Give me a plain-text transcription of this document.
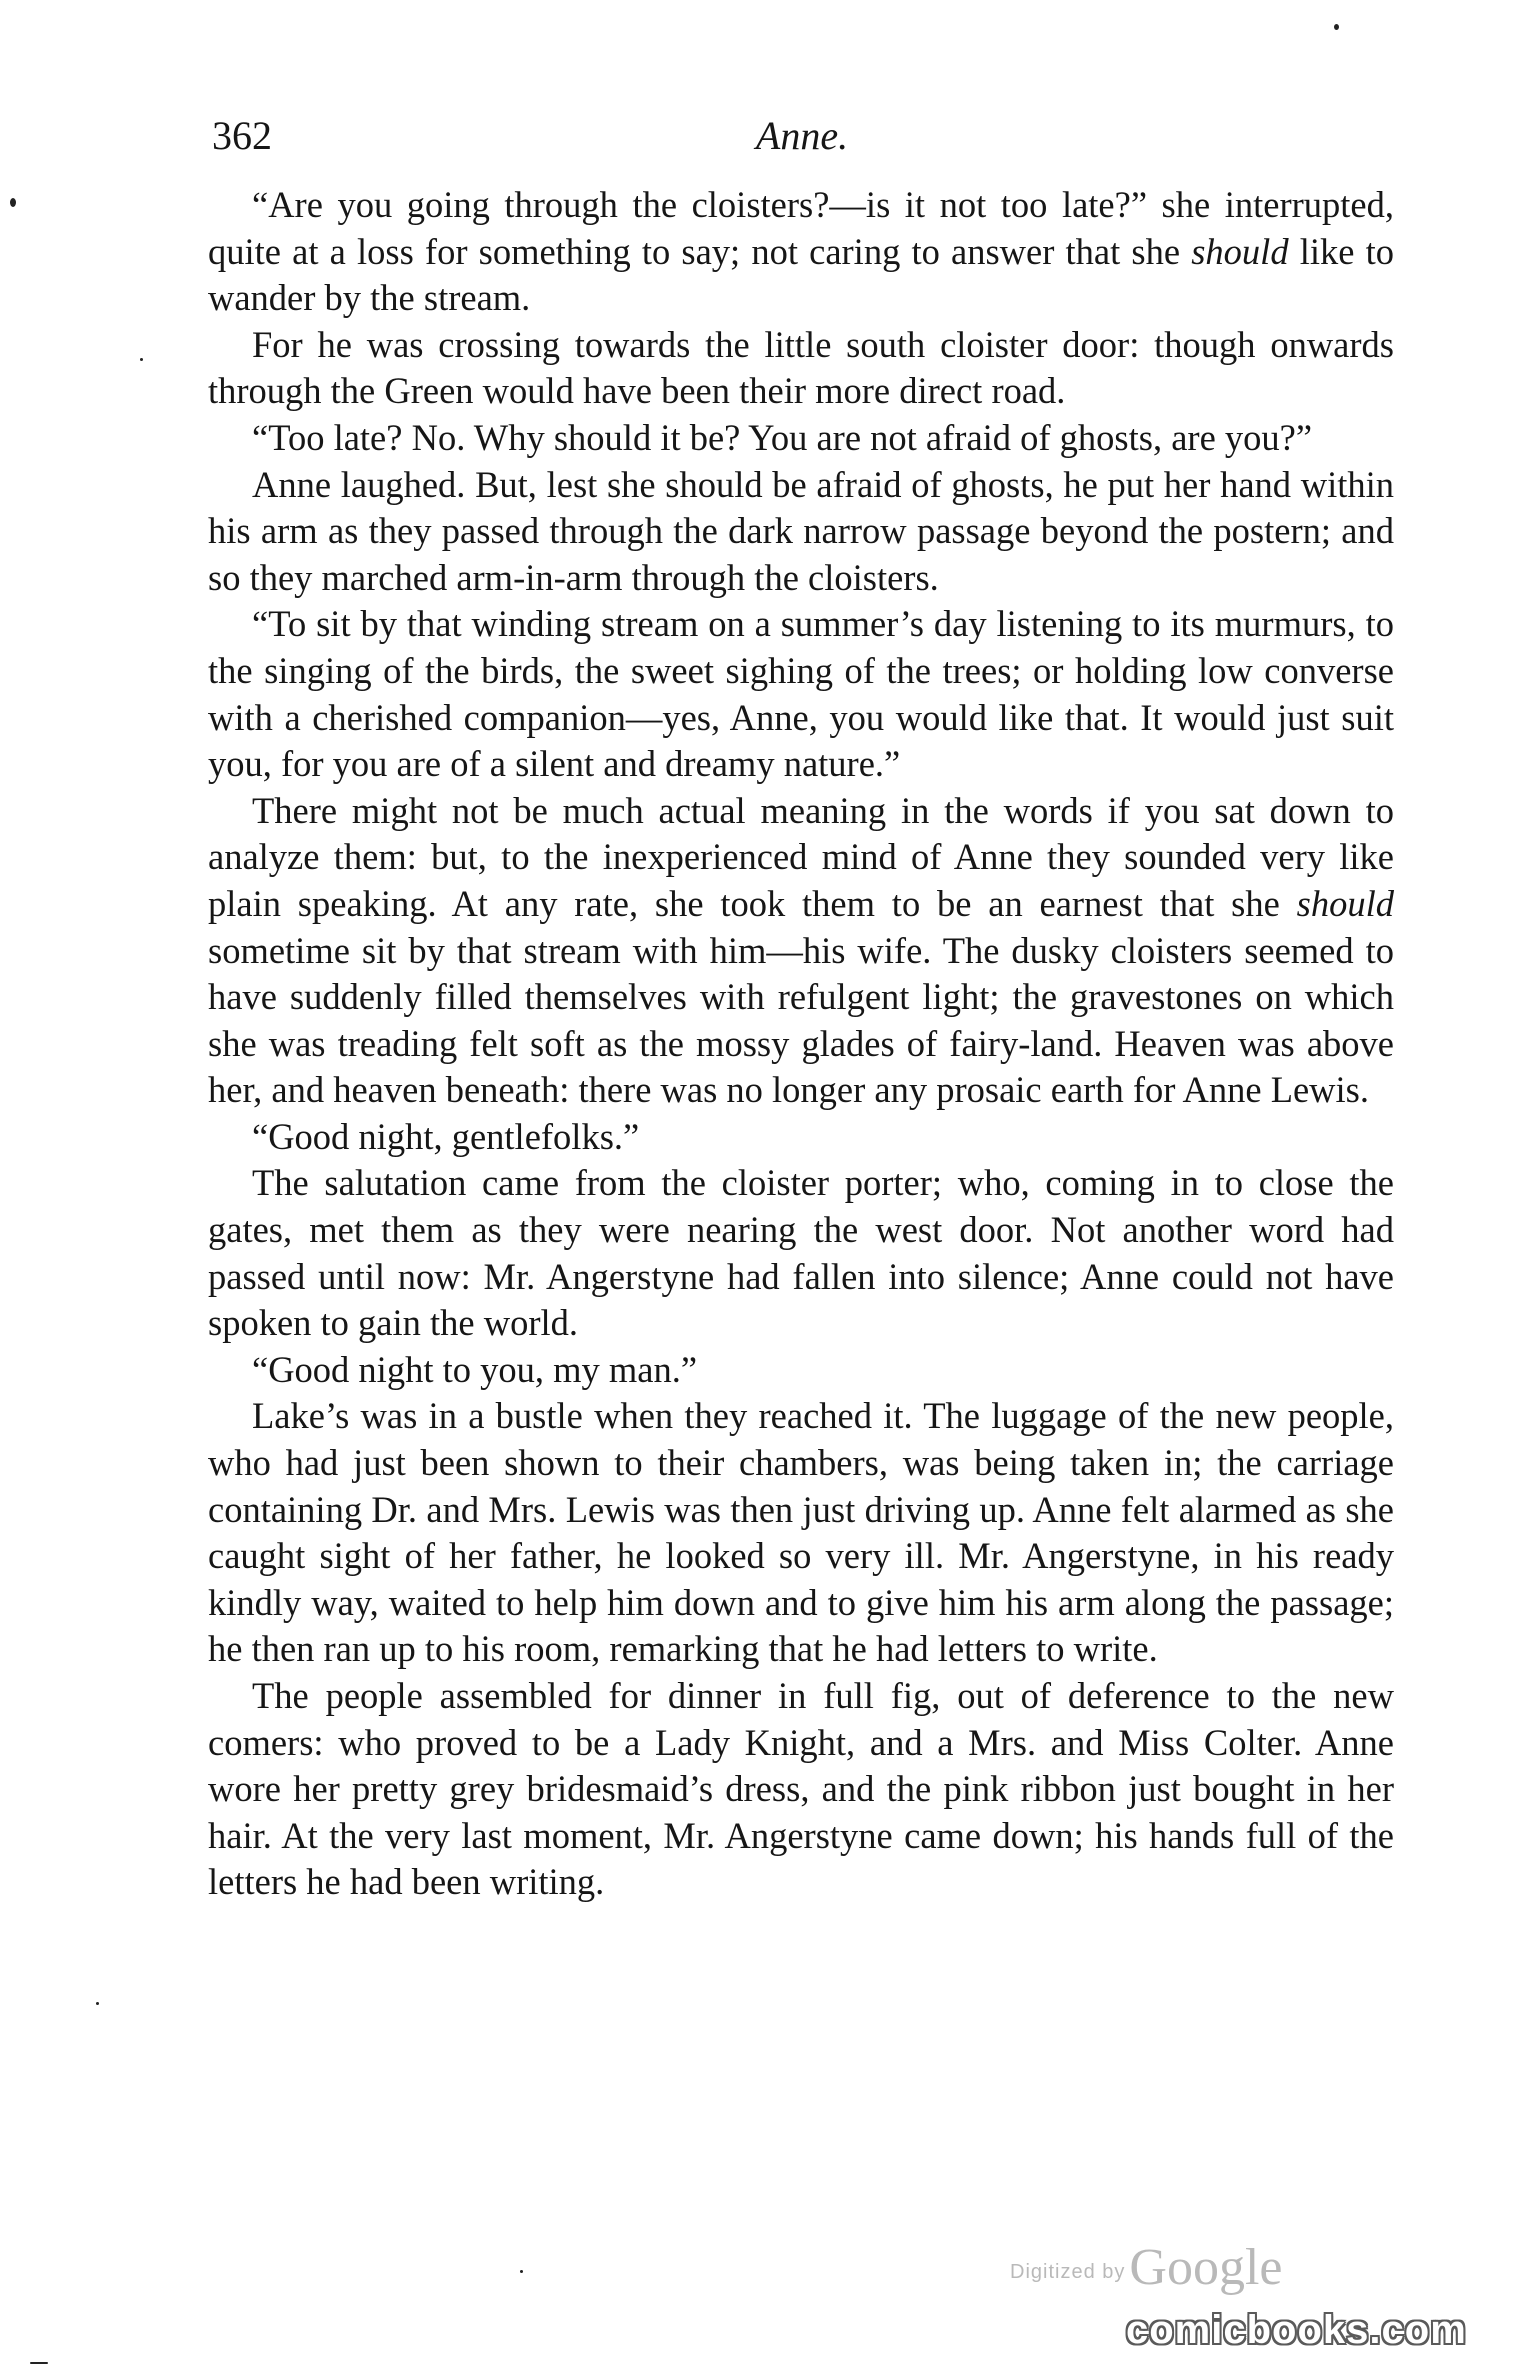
362	Anne.

“Are you going through the cloisters?—is it not too late?” she interrupted, quite at a loss for something to say; not caring to answer that she should like to wander by the stream.

For he was crossing towards the little south cloister door: though onwards through the Green would have been their more direct road.

“Too late? No. Why should it be? You are not afraid of ghosts, are you?”

Anne laughed. But, lest she should be afraid of ghosts, he put her hand within his arm as they passed through the dark narrow passage beyond the postern; and so they marched arm-in-arm through the cloisters.

“To sit by that winding stream on a summer’s day listening to its murmurs, to the singing of the birds, the sweet sighing of the trees; or holding low converse with a cherished companion—yes, Anne, you would like that. It would just suit you, for you are of a silent and dreamy nature.”

There might not be much actual meaning in the words if you sat down to analyze them: but, to the inexperienced mind of Anne they sounded very like plain speaking. At any rate, she took them to be an earnest that she should sometime sit by that stream with him—his wife. The dusky cloisters seemed to have suddenly filled themselves with refulgent light; the gravestones on which she was treading felt soft as the mossy glades of fairy-land. Heaven was above her, and heaven beneath: there was no longer any prosaic earth for Anne Lewis.

“Good night, gentlefolks.”

The salutation came from the cloister porter; who, coming in to close the gates, met them as they were nearing the west door. Not another word had passed until now: Mr. Angerstyne had fallen into silence; Anne could not have spoken to gain the world.

“Good night to you, my man.”

Lake’s was in a bustle when they reached it. The luggage of the new people, who had just been shown to their chambers, was being taken in; the carriage containing Dr. and Mrs. Lewis was then just driving up. Anne felt alarmed as she caught sight of her father, he looked so very ill. Mr. Angerstyne, in his ready kindly way, waited to help him down and to give him his arm along the passage; he then ran up to his room, remarking that he had letters to write.

The people assembled for dinner in full fig, out of deference to the new comers: who proved to be a Lady Knight, and a Mrs. and Miss Colter. Anne wore her pretty grey bridesmaid’s dress, and the pink ribbon just bought in her hair. At the very last moment, Mr. Angerstyne came down; his hands full of the letters he had been writing.

Digitized byGoogle
comicbooks.com
